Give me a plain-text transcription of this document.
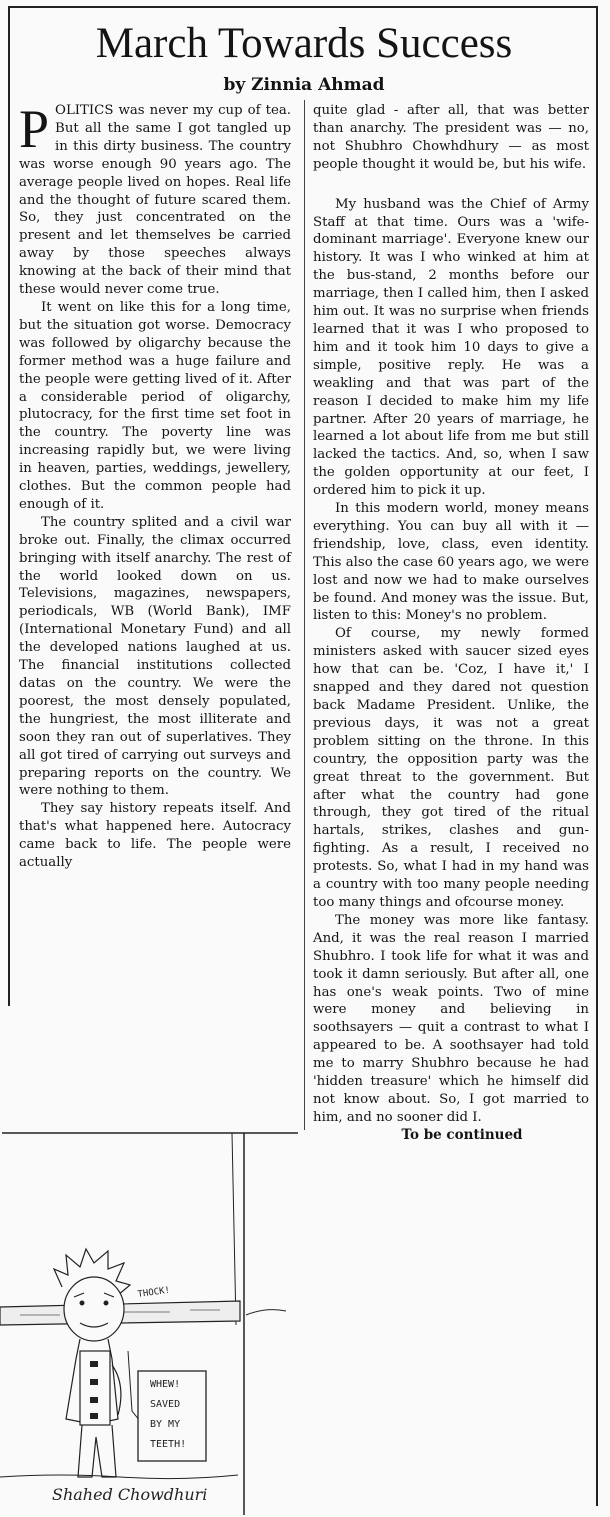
March Towards Success
by Zinnia Ahmad

POLITICS was never my cup of tea. But all the same I got tangled up in this dirty business. The country was worse enough 90 years ago. The average people lived on hopes. Real life and the thought of future scared them. So, they just concentrated on the present and let themselves be carried away by those speeches always knowing at the back of their mind that these would never come true.

It went on like this for a long time, but the situation got worse. Democracy was followed by oligarchy because the former method was a huge failure and the people were getting lived of it. After a considerable period of oligarchy, plutocracy, for the first time set foot in the country. The poverty line was increasing rapidly but, we were living in heaven, parties, weddings, jewellery, clothes. But the common people had enough of it.

The country splited and a civil war broke out. Finally, the climax occurred bringing with itself anarchy. The rest of the world looked down on us. Televisions, magazines, newspapers, periodicals, WB (World Bank), IMF (International Monetary Fund) and all the developed nations laughed at us. The financial institutions collected datas on the country. We were the poorest, the most densely populated, the hungriest, the most illiterate and soon they ran out of superlatives. They all got tired of carrying out surveys and preparing reports on the country. We were nothing to them.

They say history repeats itself. And that's what happened here. Autocracy came back to life. The people were actually

quite glad - after all, that was better than anarchy. The president was — no, not Shubhro Chowhdhury — as most people thought it would be, but his wife.

My husband was the Chief of Army Staff at that time. Ours was a 'wife-dominant marriage'. Everyone knew our history. It was I who winked at him at the bus-stand, 2 months before our marriage, then I called him, then I asked him out. It was no surprise when friends learned that it was I who proposed to him and it took him 10 days to give a simple, positive reply. He was a weakling and that was part of the reason I decided to make him my life partner. After 20 years of marriage, he learned a lot about life from me but still lacked the tactics. And, so, when I saw the golden opportunity at our feet, I ordered him to pick it up.

In this modern world, money means everything. You can buy all with it — friendship, love, class, even identity. This also the case 60 years ago, we were lost and now we had to make ourselves be found. And money was the issue. But, listen to this: Money's no problem.

Of course, my newly formed ministers asked with saucer sized eyes how that can be. 'Coz, I have it,' I snapped and they dared not question back Madame President. Unlike, the previous days, it was not a great problem sitting on the throne. In this country, the opposition party was the great threat to the government. But after what the country had gone through, they got tired of the ritual hartals, strikes, clashes and gun-fighting. As a result, I received no protests. So, what I had in my hand was a country with too many people needing too many things and ofcourse money.

The money was more like fantasy. And, it was the real reason I married Shubhro. I took life for what it was and took it damn seriously. But after all, one has one's weak points. Two of mine were money and believing in soothsayers — quit a contrast to what I appeared to be. A soothsayer had told me to marry Shubhro because he had 'hidden treasure' which he himself did not know about. So, I got married to him, and no sooner did I.

To be continued

WHEW!
SAVED
BY MY
TEETH!
THOCK!
Shahed Chowdhuri
